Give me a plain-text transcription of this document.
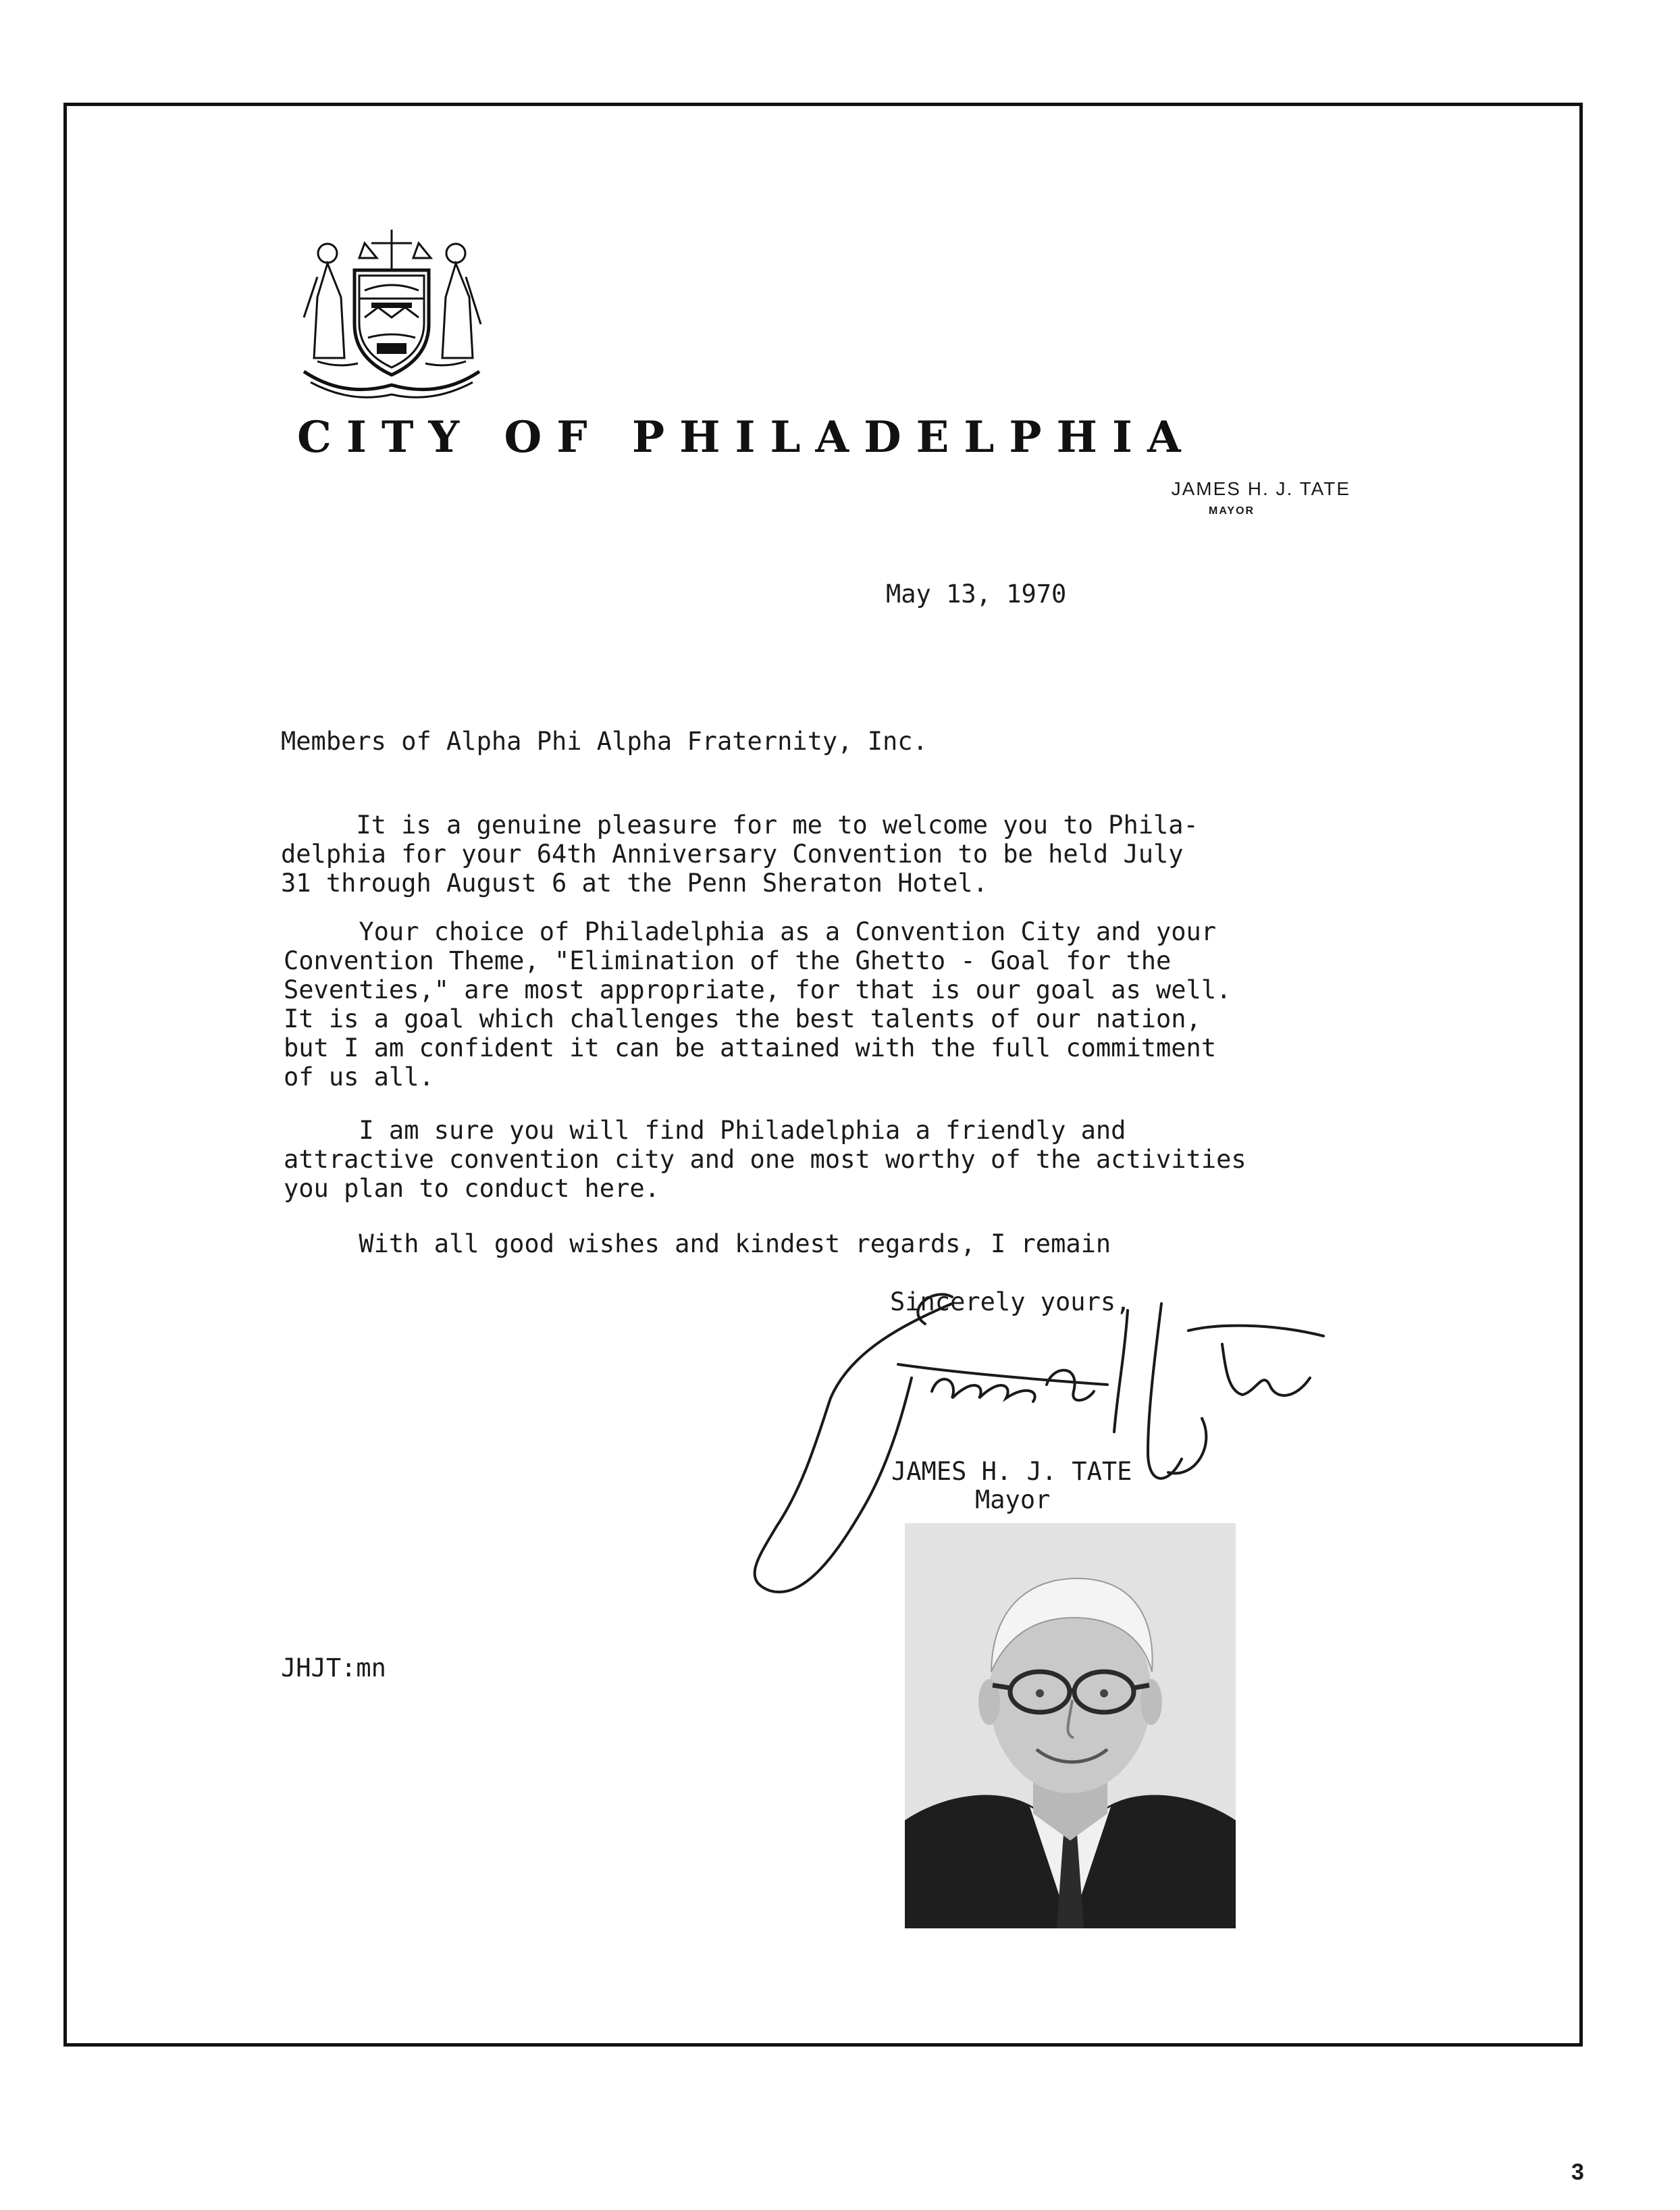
CITY OF PHILADELPHIA
JAMES H. J. TATE
MAYOR
May 13, 1970
Members of Alpha Phi Alpha Fraternity, Inc.
It is a genuine pleasure for me to welcome you to Phila-
delphia for your 64th Anniversary Convention to be held July
31 through August 6 at the Penn Sheraton Hotel.
Your choice of Philadelphia as a Convention City and your
Convention Theme, "Elimination of the Ghetto - Goal for the
Seventies," are most appropriate, for that is our goal as well.
It is a goal which challenges the best talents of our nation,
but I am confident it can be attained with the full commitment
of us all.
I am sure you will find Philadelphia a friendly and
attractive convention city and one most worthy of the activities
you plan to conduct here.
With all good wishes and kindest regards, I remain
Sincerely yours,
JAMES H. J. TATE
Mayor
JHJT:mn
3
